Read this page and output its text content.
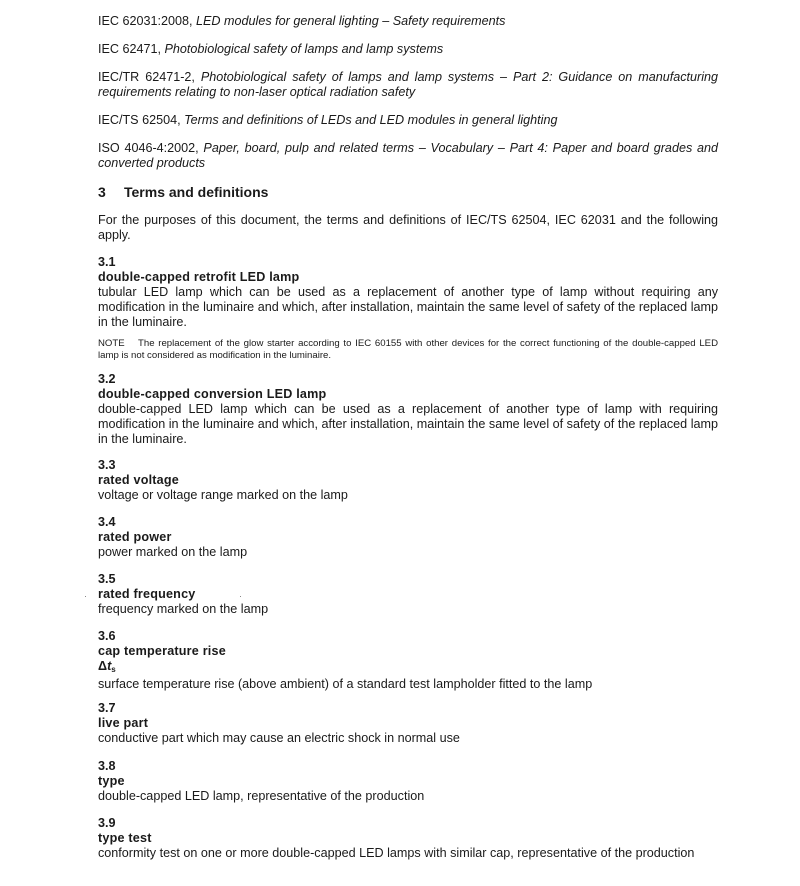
IEC 62031:2008, LED modules for general lighting – Safety requirements
IEC 62471, Photobiological safety of lamps and lamp systems
IEC/TR 62471-2, Photobiological safety of lamps and lamp systems – Part 2: Guidance on manufacturing requirements relating to non-laser optical radiation safety
IEC/TS 62504, Terms and definitions of LEDs and LED modules in general lighting
ISO 4046-4:2002, Paper, board, pulp and related terms – Vocabulary – Part 4: Paper and board grades and converted products
3 Terms and definitions
For the purposes of this document, the terms and definitions of IEC/TS 62504, IEC 62031 and the following apply.
3.1
double-capped retrofit LED lamp
tubular LED lamp which can be used as a replacement of another type of lamp without requiring any modification in the luminaire and which, after installation, maintain the same level of safety of the replaced lamp in the luminaire.
NOTE The replacement of the glow starter according to IEC 60155 with other devices for the correct functioning of the double-capped LED lamp is not considered as modification in the luminaire.
3.2
double-capped conversion LED lamp
double-capped LED lamp which can be used as a replacement of another type of lamp with requiring modification in the luminaire and which, after installation, maintain the same level of safety of the replaced lamp in the luminaire.
3.3
rated voltage
voltage or voltage range marked on the lamp
3.4
rated power
power marked on the lamp
3.5
rated frequency
frequency marked on the lamp
3.6
cap temperature rise
$\Delta t_s$
surface temperature rise (above ambient) of a standard test lampholder fitted to the lamp
3.7
live part
conductive part which may cause an electric shock in normal use
3.8
type
double-capped LED lamp, representative of the production
3.9
type test
conformity test on one or more double-capped LED lamps with similar cap, representative of the production
